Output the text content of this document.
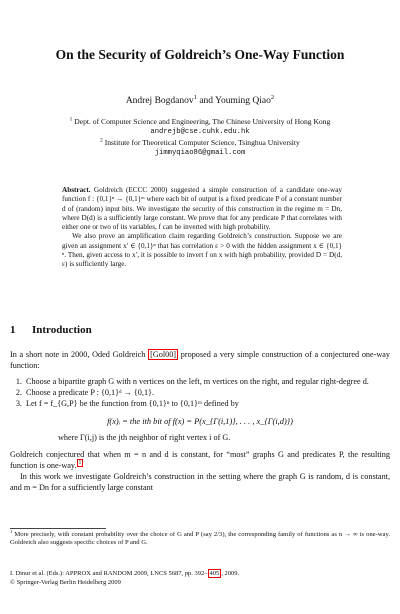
On the Security of Goldreich’s One-Way Function
Andrej Bogdanov$^1$ and Youming Qiao$^2$
$^1$ Dept. of Computer Science and Engineering, The Chinese University of Hong Kong
andrejb@cse.cuhk.edu.hk
$^2$ Institute for Theoretical Computer Science, Tsinghua University
jimmyqiao86@gmail.com

Abstract. Goldreich (ECCC 2000) suggested a simple construction of a candidate one-way function f : {0,1}ⁿ → {0,1}ᵐ where each bit of output is a fixed predicate P of a constant number d of (random) input bits. We investigate the security of this construction in the regime m = Dn, where D(d) is a sufficiently large constant. We prove that for any predicate P that correlates with either one or two of its variables, f can be inverted with high probability.

We also prove an amplification claim regarding Goldreich’s construction. Suppose we are given an assignment x′ ∈ {0,1}ⁿ that has correlation ε > 0 with the hidden assignment x ∈ {0,1}ⁿ. Then, given access to x′, it is possible to invert f on x with high probability, provided D = D(d, ε) is sufficiently large.

1 Introduction

In a short note in 2000, Oded Goldreich [Gol00] proposed a very simple construction of a conjectured one-way function:

1. Choose a bipartite graph G with n vertices on the left, m vertices on the right, and regular right-degree d.
2. Choose a predicate P : {0,1}ᵈ → {0,1}.
3. Let f = f_{G,P} be the function from {0,1}ⁿ to {0,1}ᵐ defined by
f(x)ᵢ = the ith bit of f(x) = P(x_{Γ(i,1)}, . . . , x_{Γ(i,d)})
where Γ(i,j) is the jth neighbor of right vertex i of G.

Goldreich conjectured that when m = n and d is constant, for “most” graphs G and predicates P, the resulting function is one-way. $^1$

In this work we investigate Goldreich’s construction in the setting where the graph G is random, d is constant, and m = Dn for a sufficiently large constant

$^1$ More precisely, with constant probability over the choice of G and P (say 2/3), the corresponding family of functions as n → ∞ is one-way. Goldreich also suggests specific choices of P and G.
I. Dinur et al. (Eds.): APPROX and RANDOM 2009, LNCS 5687, pp. 392– 405 , 2009.
© Springer-Verlag Berlin Heidelberg 2009
